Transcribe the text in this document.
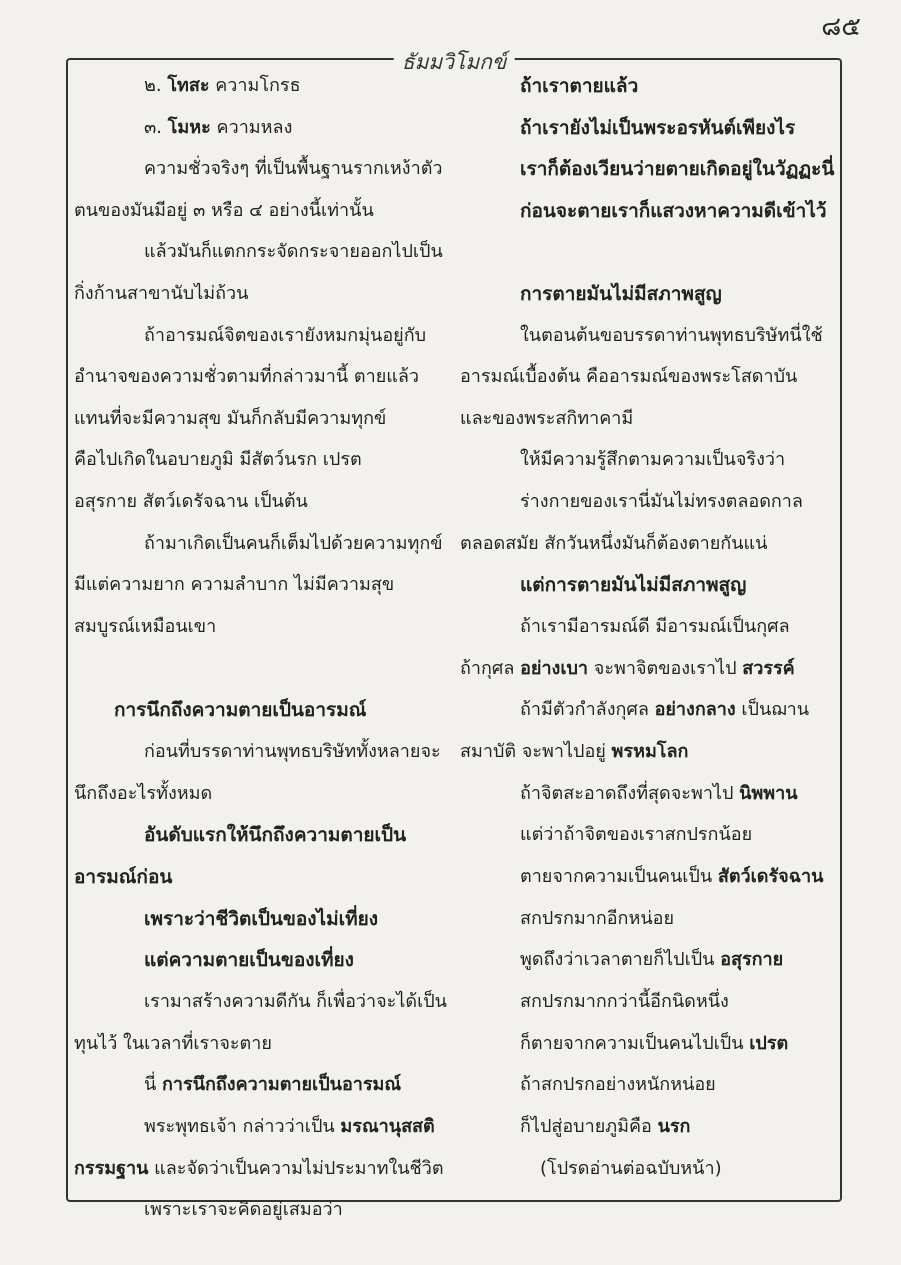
๘๕
ธัมมวิโมกข์
๒. โทสะ ความโกรธ
๓. โมหะ ความหลง
ความชั่วจริงๆ ที่เป็นพื้นฐานรากเหง้าตัว
ตนของมันมีอยู่ ๓ หรือ ๔ อย่างนี้เท่านั้น
แล้วมันก็แตกกระจัดกระจายออกไปเป็น
กิ่งก้านสาขานับไม่ถ้วน
ถ้าอารมณ์จิตของเรายังหมกมุ่นอยู่กับ
อำนาจของความชั่วตามที่กล่าวมานี้ ตายแล้ว
แทนที่จะมีความสุข มันก็กลับมีความทุกข์
คือไปเกิดในอบายภูมิ มีสัตว์นรก เปรต
อสุรกาย สัตว์เดรัจฉาน เป็นต้น
ถ้ามาเกิดเป็นคนก็เต็มไปด้วยความทุกข์
มีแต่ความยาก ความลำบาก ไม่มีความสุข
สมบูรณ์เหมือนเขา
การนึกถึงความตายเป็นอารมณ์
ก่อนที่บรรดาท่านพุทธบริษัททั้งหลายจะ
นึกถึงอะไรทั้งหมด
อันดับแรกให้นึกถึงความตายเป็น
อารมณ์ก่อน
เพราะว่าชีวิตเป็นของไม่เที่ยง
แต่ความตายเป็นของเที่ยง
เรามาสร้างความดีกัน ก็เพื่อว่าจะได้เป็น
ทุนไว้ ในเวลาที่เราจะตาย
นี่ การนึกถึงความตายเป็นอารมณ์
พระพุทธเจ้า กล่าวว่าเป็น มรณานุสสติ
กรรมฐาน และจัดว่าเป็นความไม่ประมาทในชีวิต
เพราะเราจะคิดอยู่เสมอว่า
ถ้าเราตายแล้ว
ถ้าเรายังไม่เป็นพระอรหันต์เพียงไร
เราก็ต้องเวียนว่ายตายเกิดอยู่ในวัฏฏะนี่
ก่อนจะตายเราก็แสวงหาความดีเข้าไว้
การตายมันไม่มีสภาพสูญ
ในตอนต้นขอบรรดาท่านพุทธบริษัทนี่ใช้
อารมณ์เบื้องต้น คืออารมณ์ของพระโสดาบัน
และของพระสกิทาคามี
ให้มีความรู้สึกตามความเป็นจริงว่า
ร่างกายของเรานี่มันไม่ทรงตลอดกาล
ตลอดสมัย สักวันหนึ่งมันก็ต้องตายกันแน่
แต่การตายมันไม่มีสภาพสูญ
ถ้าเรามีอารมณ์ดี มีอารมณ์เป็นกุศล
ถ้ากุศล อย่างเบา จะพาจิตของเราไป สวรรค์
ถ้ามีตัวกำลังกุศล อย่างกลาง เป็นฌาน
สมาบัติ จะพาไปอยู่ พรหมโลก
ถ้าจิตสะอาดถึงที่สุดจะพาไป นิพพาน
แต่ว่าถ้าจิตของเราสกปรกน้อย
ตายจากความเป็นคนเป็น สัตว์เดรัจฉาน
สกปรกมากอีกหน่อย
พูดถึงว่าเวลาตายก็ไปเป็น อสุรกาย
สกปรกมากกว่านี้อีกนิดหนึ่ง
ก็ตายจากความเป็นคนไปเป็น เปรต
ถ้าสกปรกอย่างหนักหน่อย
ก็ไปสู่อบายภูมิคือ นรก
(โปรดอ่านต่อฉบับหน้า)
